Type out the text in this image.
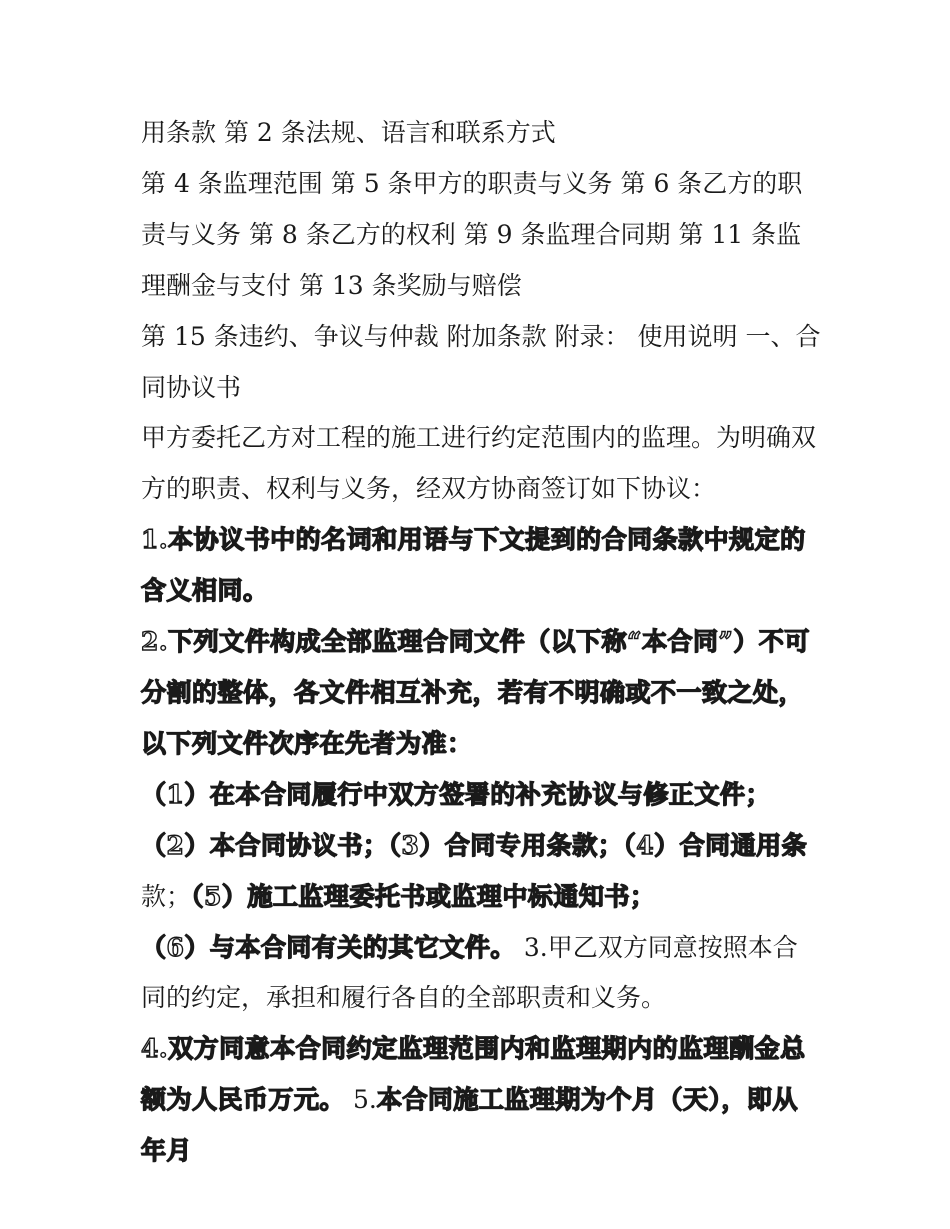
用条款 第 2 条法规、语言和联系方式

第 4 条监理范围 第 5 条甲方的职责与义务 第 6 条乙方的职责与义务 第 8 条乙方的权利 第 9 条监理合同期 第 11 条监理酬金与支付 第 13 条奖励与赔偿

第 15 条违约、争议与仲裁 附加条款 附录： 使用说明 一、合同协议书

甲方委托乙方对工程的施工进行约定范围内的监理。为明确双方的职责、权利与义务，经双方协商签订如下协议：

1.本协议书中的名词和用语与下文提到的合同条款中规定的含义相同。

2.下列文件构成全部监理合同文件（以下称“本合同”）不可分割的整体，各文件相互补充，若有不明确或不一致之处，以下列文件次序在先者为准：

（1）在本合同履行中双方签署的补充协议与修正文件；

（2）本合同协议书；（3）合同专用条款；（4）合同通用条款；（5）施工监理委托书或监理中标通知书；

（6）与本合同有关的其它文件。 3.甲乙双方同意按照本合同的约定，承担和履行各自的全部职责和义务。

4.双方同意本合同约定监理范围内和监理期内的监理酬金总额为人民币万元。 5.本合同施工监理期为个月（天），即从年月
